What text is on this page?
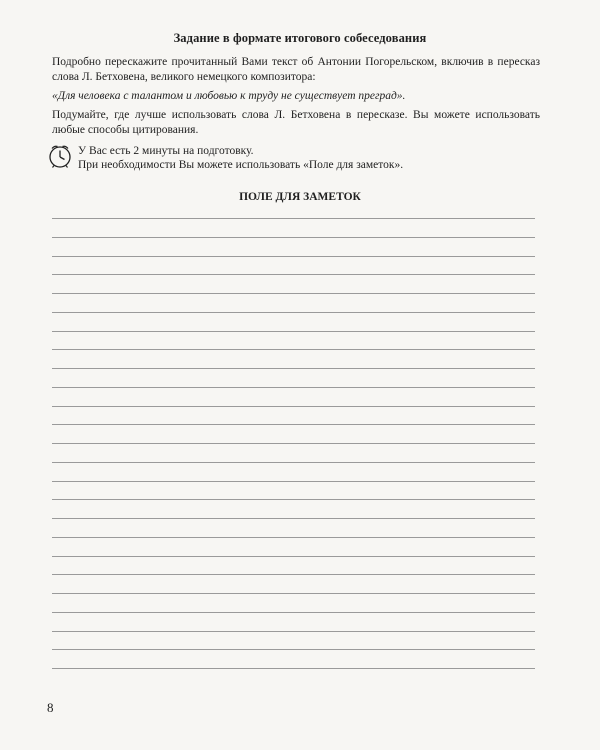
Задание в формате итогового собеседования
Подробно перескажите прочитанный Вами текст об Антонии Погорельском, включив в пересказ слова Л. Бетховена, великого немецкого композитора:
«Для человека с талантом и любовью к труду не существует преград».
Подумайте, где лучше использовать слова Л. Бетховена в пересказе. Вы можете использовать любые способы цитирования.
У Вас есть 2 минуты на подготовку.
При необходимости Вы можете использовать «Поле для заметок».
ПОЛЕ ДЛЯ ЗАМЕТОК
8
